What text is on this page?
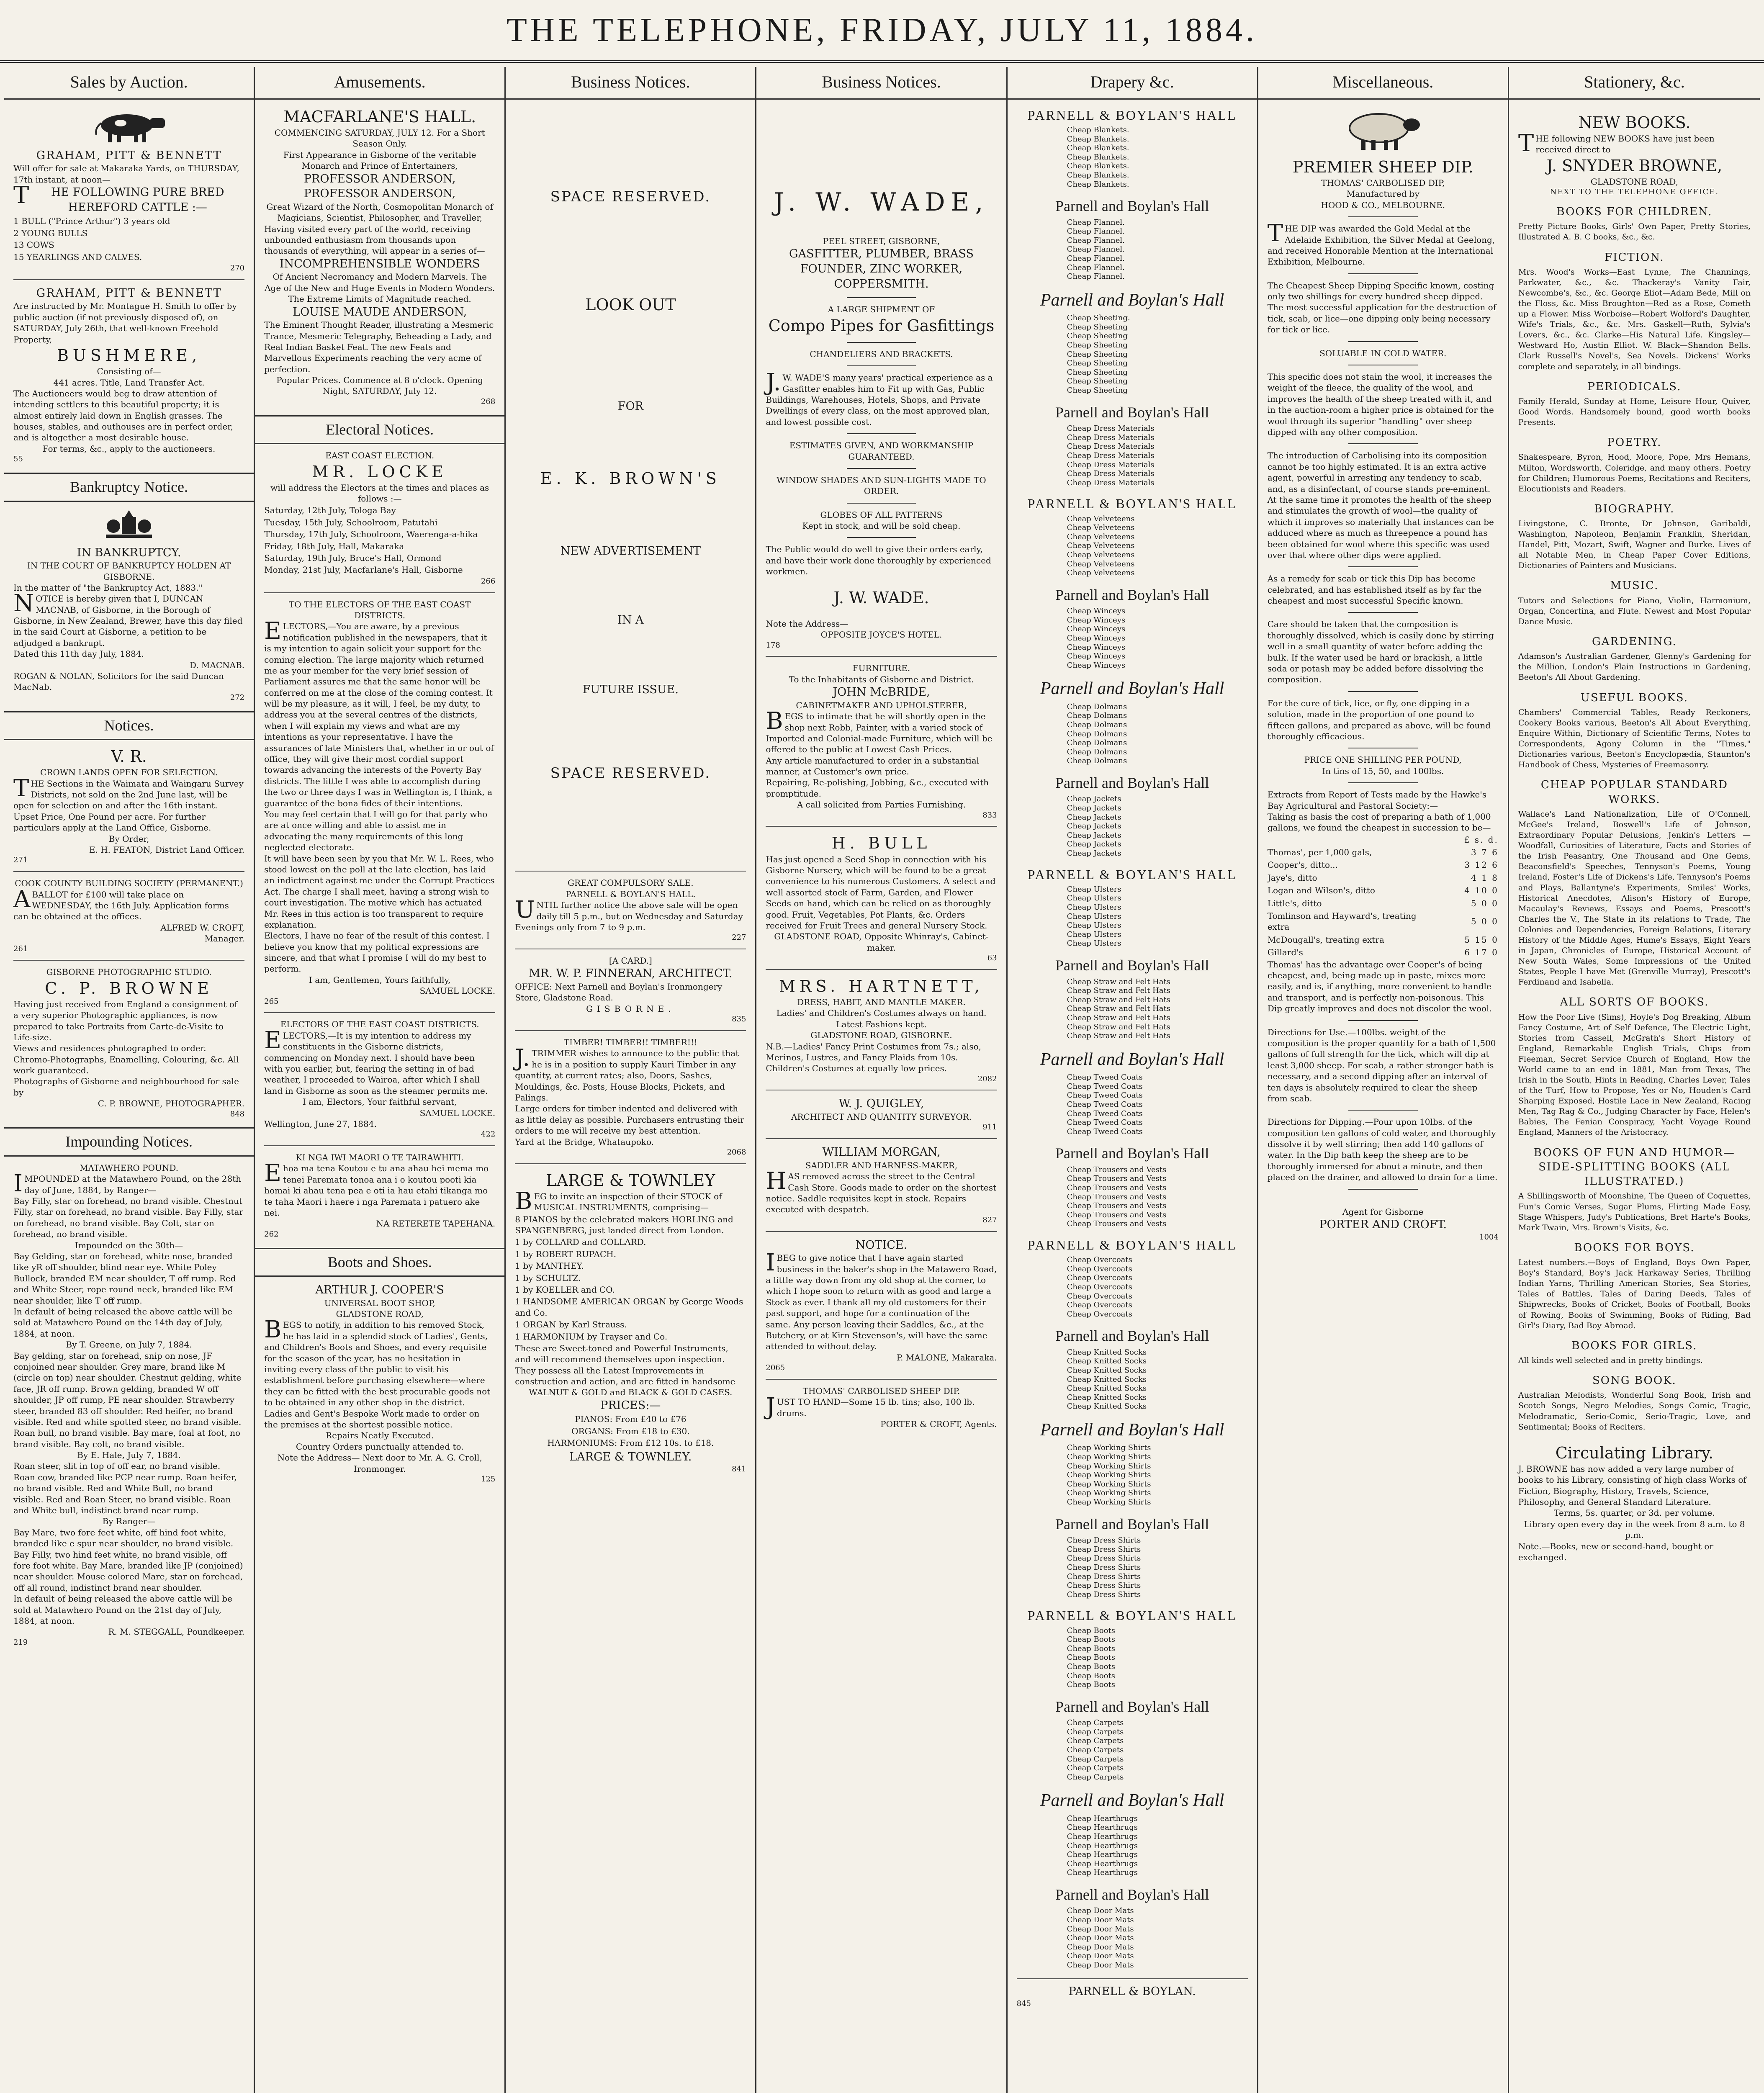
THE TELEPHONE, FRIDAY, JULY 11, 1884.
Sales by Auction.
GRAHAM, PITT & BENNETT
Will offer for sale at Makaraka Yards, on THURSDAY, 17th instant, at noon—
THE FOLLOWING PURE BRED HEREFORD CATTLE :—
1 BULL ("Prince Arthur") 3 years old
2 YOUNG BULLS
13 COWS
15 YEARLINGS AND CALVES.
270
GRAHAM, PITT & BENNETT
Are instructed by Mr. Montague H. Smith to offer by public auction (if not previously disposed of), on SATURDAY, July 26th, that well-known Freehold Property,
BUSHMERE,
Consisting of—
441 acres. Title, Land Transfer Act.
The Auctioneers would beg to draw attention of intending settlers to this beautiful property; it is almost entirely laid down in English grasses. The houses, stables, and outhouses are in perfect order, and is altogether a most desirable house.
For terms, &c., apply to the auctioneers.
55
Bankruptcy Notice.
IN BANKRUPTCY.
IN THE COURT OF BANKRUPTCY HOLDEN AT GISBORNE.
In the matter of "the Bankruptcy Act, 1883."
NOTICE is hereby given that I, DUNCAN MACNAB, of Gisborne, in the Borough of Gisborne, in New Zealand, Brewer, have this day filed in the said Court at Gisborne, a petition to be adjudged a bankrupt.
Dated this 11th day July, 1884.
D. MACNAB.
ROGAN & NOLAN, Solicitors for the said Duncan MacNab.
272
Notices.
V. R.
CROWN LANDS OPEN FOR SELECTION.
THE Sections in the Waimata and Waingaru Survey Districts, not sold on the 2nd June last, will be open for selection on and after the 16th instant. Upset Price, One Pound per acre. For further particulars apply at the Land Office, Gisborne.
By Order,
E. H. FEATON, District Land Officer.
271
COOK COUNTY BUILDING SOCIETY (PERMANENT.)
ABALLOT for £100 will take place on WEDNESDAY, the 16th July. Application forms can be obtained at the offices.
ALFRED W. CROFT,
Manager.
261
GISBORNE PHOTOGRAPHIC STUDIO.
C. P. BROWNE
Having just received from England a consignment of a very superior Photographic appliances, is now prepared to take Portraits from Carte-de-Visite to Life-size.
Views and residences photographed to order. Chromo-Photographs, Enamelling, Colouring, &c. All work guaranteed.
Photographs of Gisborne and neighbourhood for sale by
C. P. BROWNE, PHOTOGRAPHER.
848
Impounding Notices.
MATAWHERO POUND.
IMPOUNDED at the Matawhero Pound, on the 28th day of June, 1884, by Ranger—
Bay Filly, star on forehead, no brand visible. Chestnut Filly, star on forehead, no brand visible. Bay Filly, star on forehead, no brand visible. Bay Colt, star on forehead, no brand visible.
Impounded on the 30th—
Bay Gelding, star on forehead, white nose, branded like yR off shoulder, blind near eye. White Poley Bullock, branded EM near shoulder, T off rump. Red and White Steer, rope round neck, branded like EM near shoulder, like T off rump.
In default of being released the above cattle will be sold at Matawhero Pound on the 14th day of July, 1884, at noon.
By T. Greene, on July 7, 1884.
Bay gelding, star on forehead, snip on nose, JF conjoined near shoulder. Grey mare, brand like M (circle on top) near shoulder. Chestnut gelding, white face, JR off rump. Brown gelding, branded W off shoulder, JP off rump, PE near shoulder. Strawberry steer, branded 83 off shoulder. Red heifer, no brand visible. Red and white spotted steer, no brand visible. Roan bull, no brand visible. Bay mare, foal at foot, no brand visible. Bay colt, no brand visible.
By E. Hale, July 7, 1884.
Roan steer, slit in top of off ear, no brand visible. Roan cow, branded like PCP near rump. Roan heifer, no brand visible. Red and White Bull, no brand visible. Red and Roan Steer, no brand visible. Roan and White bull, indistinct brand near rump.
By Ranger—
Bay Mare, two fore feet white, off hind foot white, branded like e spur near shoulder, no brand visible. Bay Filly, two hind feet white, no brand visible, off fore foot white. Bay Mare, branded like JP (conjoined) near shoulder. Mouse colored Mare, star on forehead, off all round, indistinct brand near shoulder.
In default of being released the above cattle will be sold at Matawhero Pound on the 21st day of July, 1884, at noon.
R. M. STEGGALL, Poundkeeper.
219
Amusements.
MACFARLANE'S HALL.
COMMENCING SATURDAY, JULY 12. For a Short Season Only.
First Appearance in Gisborne of the veritable Monarch and Prince of Entertainers,
PROFESSOR ANDERSON,
PROFESSOR ANDERSON,
Great Wizard of the North, Cosmopolitan Monarch of Magicians, Scientist, Philosopher, and Traveller,
Having visited every part of the world, receiving unbounded enthusiasm from thousands upon thousands of everything, will appear in a series of—
INCOMPREHENSIBLE WONDERS
Of Ancient Necromancy and Modern Marvels. The Age of the New and Huge Events in Modern Wonders. The Extreme Limits of Magnitude reached.
LOUISE MAUDE ANDERSON,
The Eminent Thought Reader, illustrating a Mesmeric Trance, Mesmeric Telegraphy, Beheading a Lady, and Real Indian Basket Feat. The new Feats and Marvellous Experiments reaching the very acme of perfection.
Popular Prices. Commence at 8 o'clock. Opening Night, SATURDAY, July 12.
268
Electoral Notices.
EAST COAST ELECTION.
MR. LOCKE
will address the Electors at the times and places as follows :—
Saturday, 12th July, Tologa Bay
Tuesday, 15th July, Schoolroom, Patutahi
Thursday, 17th July, Schoolroom, Waerenga-a-hika
Friday, 18th July, Hall, Makaraka
Saturday, 19th July, Bruce's Hall, Ormond
Monday, 21st July, Macfarlane's Hall, Gisborne
266
TO THE ELECTORS OF THE EAST COAST DISTRICTS.
ELECTORS,—You are aware, by a previous notification published in the newspapers, that it is my intention to again solicit your support for the coming election. The large majority which returned me as your member for the very brief session of Parliament assures me that the same honor will be conferred on me at the close of the coming contest. It will be my pleasure, as it will, I feel, be my duty, to address you at the several centres of the districts, when I will explain my views and what are my intentions as your representative. I have the assurances of late Ministers that, whether in or out of office, they will give their most cordial support towards advancing the interests of the Poverty Bay districts. The little I was able to accomplish during the two or three days I was in Wellington is, I think, a guarantee of the bona fides of their intentions.
You may feel certain that I will go for that party who are at once willing and able to assist me in advocating the many requirements of this long neglected electorate.
It will have been seen by you that Mr. W. L. Rees, who stood lowest on the poll at the late election, has laid an indictment against me under the Corrupt Practices Act. The charge I shall meet, having a strong wish to court investigation. The motive which has actuated Mr. Rees in this action is too transparent to require explanation.
Electors, I have no fear of the result of this contest. I believe you know that my political expressions are sincere, and that what I promise I will do my best to perform.
I am, Gentlemen, Yours faithfully,
SAMUEL LOCKE.
265
ELECTORS OF THE EAST COAST DISTRICTS.
ELECTORS,—It is my intention to address my constituents in the Gisborne districts, commencing on Monday next. I should have been with you earlier, but, fearing the setting in of bad weather, I proceeded to Wairoa, after which I shall land in Gisborne as soon as the steamer permits me.
I am, Electors, Your faithful servant,
SAMUEL LOCKE.
Wellington, June 27, 1884.
422
KI NGA IWI MAORI O TE TAIRAWHITI.
Ehoa ma tena Koutou e tu ana ahau hei mema mo tenei Paremata tonoa ana i o koutou pooti kia homai ki ahau tena pea e oti ia hau etahi tikanga mo te taha Maori i haere i nga Paremata i patuero ake nei.
NA RETERETE TAPEHANA.
262
Boots and Shoes.
ARTHUR J. COOPER'S
UNIVERSAL BOOT SHOP,
GLADSTONE ROAD,
BEGS to notify, in addition to his removed Stock, he has laid in a splendid stock of Ladies', Gents, and Children's Boots and Shoes, and every requisite for the season of the year, has no hesitation in inviting every class of the public to visit his establishment before purchasing elsewhere—where they can be fitted with the best procurable goods not to be obtained in any other shop in the district.
Ladies and Gent's Bespoke Work made to order on the premises at the shortest possible notice.
Repairs Neatly Executed.
Country Orders punctually attended to.
Note the Address— Next door to Mr. A. G. Croll, Ironmonger.
125
Business Notices.
SPACE RESERVED.
LOOK OUT
FOR
E. K. BROWN'S
NEW ADVERTISEMENT
IN A
FUTURE ISSUE.
SPACE RESERVED.
GREAT COMPULSORY SALE.
PARNELL & BOYLAN'S HALL.
UNTIL further notice the above sale will be open daily till 5 p.m., but on Wednesday and Saturday Evenings only from 7 to 9 p.m.
227
[A CARD.]
MR. W. P. FINNERAN, ARCHITECT.
OFFICE: Next Parnell and Boylan's Ironmongery Store, Gladstone Road.
GISBORNE.
835
TIMBER! TIMBER!! TIMBER!!!
J.TRIMMER wishes to announce to the public that he is in a position to supply Kauri Timber in any quantity, at current rates; also, Doors, Sashes, Mouldings, &c. Posts, House Blocks, Pickets, and Palings.
Large orders for timber indented and delivered with as little delay as possible. Purchasers entrusting their orders to me will receive my best attention.
Yard at the Bridge, Whataupoko.
2068
LARGE & TOWNLEY
BEG to invite an inspection of their STOCK of MUSICAL INSTRUMENTS, comprising—
8 PIANOS by the celebrated makers HORLING and SPANGENBERG, just landed direct from London.
1 by COLLARD and COLLARD.
1 by ROBERT RUPACH.
1 by MANTHEY.
1 by SCHULTZ.
1 by KOELLER and CO.
1 HANDSOME AMERICAN ORGAN by George Woods and Co.
1 ORGAN by Karl Strauss.
1 HARMONIUM by Trayser and Co.
These are Sweet-toned and Powerful Instruments, and will recommend themselves upon inspection. They possess all the Latest Improvements in construction and action, and are fitted in handsome
WALNUT & GOLD and BLACK & GOLD CASES.
PRICES:—
PIANOS: From £40 to £76
ORGANS: From £18 to £30.
HARMONIUMS: From £12 10s. to £18.
LARGE & TOWNLEY.
841
Business Notices.
J. W. WADE,
PEEL STREET, GISBORNE,
GASFITTER, PLUMBER, BRASS
FOUNDER, ZINC WORKER,
COPPERSMITH.
A LARGE SHIPMENT OF
Compo Pipes for Gasfittings
CHANDELIERS AND BRACKETS.
J.W. WADE'S many years' practical experience as a Gasfitter enables him to Fit up with Gas, Public Buildings, Warehouses, Hotels, Shops, and Private Dwellings of every class, on the most approved plan, and lowest possible cost.
ESTIMATES GIVEN, AND WORKMANSHIP GUARANTEED.
WINDOW SHADES AND SUN-LIGHTS MADE TO ORDER.
GLOBES OF ALL PATTERNS
Kept in stock, and will be sold cheap.
The Public would do well to give their orders early, and have their work done thoroughly by experienced workmen.
J. W. WADE.
Note the Address—
OPPOSITE JOYCE'S HOTEL.
178
FURNITURE.
To the Inhabitants of Gisborne and District.
JOHN McBRIDE,
CABINETMAKER AND UPHOLSTERER,
BEGS to intimate that he will shortly open in the shop next Robb, Painter, with a varied stock of Imported and Colonial-made Furniture, which will be offered to the public at Lowest Cash Prices.
Any article manufactured to order in a substantial manner, at Customer's own price.
Repairing, Re-polishing, Jobbing, &c., executed with promptitude.
A call solicited from Parties Furnishing.
833
H. BULL
Has just opened a Seed Shop in connection with his Gisborne Nursery, which will be found to be a great convenience to his numerous Customers. A select and well assorted stock of Farm, Garden, and Flower Seeds on hand, which can be relied on as thoroughly good. Fruit, Vegetables, Pot Plants, &c. Orders received for Fruit Trees and general Nursery Stock.
GLADSTONE ROAD, Opposite Whinray's, Cabinet-maker.
63
MRS. HARTNETT,
DRESS, HABIT, AND MANTLE MAKER.
Ladies' and Children's Costumes always on hand. Latest Fashions kept.
GLADSTONE ROAD, GISBORNE.
N.B.—Ladies' Fancy Print Costumes from 7s.; also, Merinos, Lustres, and Fancy Plaids from 10s. Children's Costumes at equally low prices.
2082
W. J. QUIGLEY,
ARCHITECT AND QUANTITY SURVEYOR.
911
WILLIAM MORGAN,
SADDLER AND HARNESS-MAKER,
HAS removed across the street to the Central Cash Store. Goods made to order on the shortest notice. Saddle requisites kept in stock. Repairs executed with despatch.
827
NOTICE.
IBEG to give notice that I have again started business in the baker's shop in the Matawero Road, a little way down from my old shop at the corner, to which I hope soon to return with as good and large a Stock as ever. I thank all my old customers for their past support, and hope for a continuation of the same. Any person leaving their Saddles, &c., at the Butchery, or at Kirn Stevenson's, will have the same attended to without delay.
P. MALONE, Makaraka.
2065
THOMAS' CARBOLISED SHEEP DIP.
JUST TO HAND—Some 15 lb. tins; also, 100 lb. drums.
PORTER & CROFT, Agents.
Drapery &c.
PARNELL & BOYLAN'S HALL
Cheap Blankets.
Cheap Blankets.
Cheap Blankets.
Cheap Blankets.
Cheap Blankets.
Cheap Blankets.
Cheap Blankets.
Parnell and Boylan's Hall
Cheap Flannel.
Cheap Flannel.
Cheap Flannel.
Cheap Flannel.
Cheap Flannel.
Cheap Flannel.
Cheap Flannel.
Parnell and Boylan's Hall
Cheap Sheeting.
Cheap Sheeting
Cheap Sheeting
Cheap Sheeting
Cheap Sheeting
Cheap Sheeting
Cheap Sheeting
Cheap Sheeting
Cheap Sheeting
Parnell and Boylan's Hall
Cheap Dress Materials
Cheap Dress Materials
Cheap Dress Materials
Cheap Dress Materials
Cheap Dress Materials
Cheap Dress Materials
Cheap Dress Materials
PARNELL & BOYLAN'S HALL
Cheap Velveteens
Cheap Velveteens
Cheap Velveteens
Cheap Velveteens
Cheap Velveteens
Cheap Velveteens
Cheap Velveteens
Parnell and Boylan's Hall
Cheap Winceys
Cheap Winceys
Cheap Winceys
Cheap Winceys
Cheap Winceys
Cheap Winceys
Cheap Winceys
Parnell and Boylan's Hall
Cheap Dolmans
Cheap Dolmans
Cheap Dolmans
Cheap Dolmans
Cheap Dolmans
Cheap Dolmans
Cheap Dolmans
Parnell and Boylan's Hall
Cheap Jackets
Cheap Jackets
Cheap Jackets
Cheap Jackets
Cheap Jackets
Cheap Jackets
Cheap Jackets
PARNELL & BOYLAN'S HALL
Cheap Ulsters
Cheap Ulsters
Cheap Ulsters
Cheap Ulsters
Cheap Ulsters
Cheap Ulsters
Cheap Ulsters
Parnell and Boylan's Hall
Cheap Straw and Felt Hats
Cheap Straw and Felt Hats
Cheap Straw and Felt Hats
Cheap Straw and Felt Hats
Cheap Straw and Felt Hats
Cheap Straw and Felt Hats
Cheap Straw and Felt Hats
Parnell and Boylan's Hall
Cheap Tweed Coats
Cheap Tweed Coats
Cheap Tweed Coats
Cheap Tweed Coats
Cheap Tweed Coats
Cheap Tweed Coats
Cheap Tweed Coats
Parnell and Boylan's Hall
Cheap Trousers and Vests
Cheap Trousers and Vests
Cheap Trousers and Vests
Cheap Trousers and Vests
Cheap Trousers and Vests
Cheap Trousers and Vests
Cheap Trousers and Vests
PARNELL & BOYLAN'S HALL
Cheap Overcoats
Cheap Overcoats
Cheap Overcoats
Cheap Overcoats
Cheap Overcoats
Cheap Overcoats
Cheap Overcoats
Parnell and Boylan's Hall
Cheap Knitted Socks
Cheap Knitted Socks
Cheap Knitted Socks
Cheap Knitted Socks
Cheap Knitted Socks
Cheap Knitted Socks
Cheap Knitted Socks
Parnell and Boylan's Hall
Cheap Working Shirts
Cheap Working Shirts
Cheap Working Shirts
Cheap Working Shirts
Cheap Working Shirts
Cheap Working Shirts
Cheap Working Shirts
Parnell and Boylan's Hall
Cheap Dress Shirts
Cheap Dress Shirts
Cheap Dress Shirts
Cheap Dress Shirts
Cheap Dress Shirts
Cheap Dress Shirts
Cheap Dress Shirts
PARNELL & BOYLAN'S HALL
Cheap Boots
Cheap Boots
Cheap Boots
Cheap Boots
Cheap Boots
Cheap Boots
Cheap Boots
Parnell and Boylan's Hall
Cheap Carpets
Cheap Carpets
Cheap Carpets
Cheap Carpets
Cheap Carpets
Cheap Carpets
Cheap Carpets
Parnell and Boylan's Hall
Cheap Hearthrugs
Cheap Hearthrugs
Cheap Hearthrugs
Cheap Hearthrugs
Cheap Hearthrugs
Cheap Hearthrugs
Cheap Hearthrugs
Parnell and Boylan's Hall
Cheap Door Mats
Cheap Door Mats
Cheap Door Mats
Cheap Door Mats
Cheap Door Mats
Cheap Door Mats
Cheap Door Mats
PARNELL & BOYLAN.
845
Miscellaneous.
PREMIER SHEEP DIP.
THOMAS' CARBOLISED DIP,
Manufactured by
HOOD & CO., MELBOURNE.
THE DIP was awarded the Gold Medal at the Adelaide Exhibition, the Silver Medal at Geelong, and received Honorable Mention at the International Exhibition, Melbourne.
The Cheapest Sheep Dipping Specific known, costing only two shillings for every hundred sheep dipped. The most successful application for the destruction of tick, scab, or lice—one dipping only being necessary for tick or lice.
SOLUABLE IN COLD WATER.
This specific does not stain the wool, it increases the weight of the fleece, the quality of the wool, and improves the health of the sheep treated with it, and in the auction-room a higher price is obtained for the wool through its superior "handling" over sheep dipped with any other composition.
The introduction of Carbolising into its composition cannot be too highly estimated. It is an extra active agent, powerful in arresting any tendency to scab, and, as a disinfectant, of course stands pre-eminent. At the same time it promotes the health of the sheep and stimulates the growth of wool—the quality of which it improves so materially that instances can be adduced where as much as threepence a pound has been obtained for wool where this specific was used over that where other dips were applied.
As a remedy for scab or tick this Dip has become celebrated, and has established itself as by far the cheapest and most successful Specific known.
Care should be taken that the composition is thoroughly dissolved, which is easily done by stirring well in a small quantity of water before adding the bulk. If the water used be hard or brackish, a little soda or potash may be added before dissolving the composition.
For the cure of tick, lice, or fly, one dipping in a solution, made in the proportion of one pound to fifteen gallons, and prepared as above, will be found thoroughly efficacious.
PRICE ONE SHILLING PER POUND,
In tins of 15, 50, and 100lbs.
Extracts from Report of Tests made by the Hawke's Bay Agricultural and Pastoral Society:—
Taking as basis the cost of preparing a bath of 1,000 gallons, we found the cheapest in succession to be—
	£ s. d.
Thomas', per 1,000 gals,	3 7 6
Cooper's, ditto...	3 12 6
Jaye's, ditto	4 1 8
Logan and Wilson's, ditto	4 10 0
Little's, ditto	5 0 0
Tomlinson and Hayward's, treating extra	5 0 0
McDougall's, treating extra	5 15 0
Gillard's	6 17 0
Thomas' has the advantage over Cooper's of being cheapest, and, being made up in paste, mixes more easily, and is, if anything, more convenient to handle and transport, and is perfectly non-poisonous. This Dip greatly improves and does not discolor the wool.
Directions for Use.—100lbs. weight of the composition is the proper quantity for a bath of 1,500 gallons of full strength for the tick, which will dip at least 3,000 sheep. For scab, a rather stronger bath is necessary, and a second dipping after an interval of ten days is absolutely required to clear the sheep from scab.
Directions for Dipping.—Pour upon 10lbs. of the composition ten gallons of cold water, and thoroughly dissolve it by well stirring; then add 140 gallons of water. In the Dip bath keep the sheep are to be thoroughly immersed for about a minute, and then placed on the drainer, and allowed to drain for a time.
Agent for Gisborne
PORTER AND CROFT.
1004
Stationery, &c.
NEW BOOKS.
THE following NEW BOOKS have just been received direct to
J. SNYDER BROWNE,
GLADSTONE ROAD,
NEXT TO THE TELEPHONE OFFICE.
BOOKS FOR CHILDREN.
Pretty Picture Books, Girls' Own Paper, Pretty Stories, Illustrated A. B. C books, &c., &c.
FICTION.
Mrs. Wood's Works—East Lynne, The Channings, Parkwater, &c., &c. Thackeray's Vanity Fair, Newcombe's, &c., &c. George Eliot—Adam Bede, Mill on the Floss, &c. Miss Broughton—Red as a Rose, Cometh up a Flower. Miss Worboise—Robert Wolford's Daughter, Wife's Trials, &c., &c. Mrs. Gaskell—Ruth, Sylvia's Lovers, &c., &c. Clarke—His Natural Life. Kingsley—Westward Ho, Austin Elliot. W. Black—Shandon Bells. Clark Russell's Novel's, Sea Novels. Dickens' Works complete and separately, in all bindings.
PERIODICALS.
Family Herald, Sunday at Home, Leisure Hour, Quiver, Good Words. Handsomely bound, good worth books Presents.
POETRY.
Shakespeare, Byron, Hood, Moore, Pope, Mrs Hemans, Milton, Wordsworth, Coleridge, and many others. Poetry for Children; Humorous Poems, Recitations and Reciters, Elocutionists and Readers.
BIOGRAPHY.
Livingstone, C. Bronte, Dr Johnson, Garibaldi, Washington, Napoleon, Benjamin Franklin, Sheridan, Handel, Pitt, Mozart, Swift, Wagner and Burke. Lives of all Notable Men, in Cheap Paper Cover Editions, Dictionaries of Painters and Musicians.
MUSIC.
Tutors and Selections for Piano, Violin, Harmonium, Organ, Concertina, and Flute. Newest and Most Popular Dance Music.
GARDENING.
Adamson's Australian Gardener, Glenny's Gardening for the Million, London's Plain Instructions in Gardening, Beeton's All About Gardening.
USEFUL BOOKS.
Chambers' Commercial Tables, Ready Reckoners, Cookery Books various, Beeton's All About Everything, Enquire Within, Dictionary of Scientific Terms, Notes to Correspondents, Agony Column in the "Times," Dictionaries various, Beeton's Encyclopædia, Staunton's Handbook of Chess, Mysteries of Freemasonry.
CHEAP POPULAR STANDARD WORKS.
Wallace's Land Nationalization, Life of O'Connell, McGee's Ireland, Boswell's Life of Johnson, Extraordinary Popular Delusions, Jenkin's Letters — Woodfall, Curiosities of Literature, Facts and Stories of the Irish Peasantry, One Thousand and One Gems, Beaconsfield's Speeches, Tennyson's Poems, Young Ireland, Foster's Life of Dickens's Life, Tennyson's Poems and Plays, Ballantyne's Experiments, Smiles' Works, Historical Anecdotes, Alison's History of Europe, Macaulay's Reviews, Essays and Poems, Prescott's Charles the V., The State in its relations to Trade, The Colonies and Dependencies, Foreign Relations, Literary History of the Middle Ages, Hume's Essays, Eight Years in Japan, Chronicles of Europe, Historical Account of New South Wales, Some Impressions of the United States, People I have Met (Grenville Murray), Prescott's Ferdinand and Isabella.
ALL SORTS OF BOOKS.
How the Poor Live (Sims), Hoyle's Dog Breaking, Album Fancy Costume, Art of Self Defence, The Electric Light, Stories from Cassell, McGrath's Short History of England, Remarkable English Trials, Chips from Fleeman, Secret Service Church of England, How the World came to an end in 1881, Man from Texas, The Irish in the South, Hints in Reading, Charles Lever, Tales of the Turf, How to Propose, Yes or No, Houden's Card Sharping Exposed, Hostile Lace in New Zealand, Racing Men, Tag Rag & Co., Judging Character by Face, Helen's Babies, The Fenian Conspiracy, Yacht Voyage Round England, Manners of the Aristocracy.
BOOKS OF FUN AND HUMOR—SIDE-SPLITTING BOOKS (ALL ILLUSTRATED.)
A Shillingsworth of Moonshine, The Queen of Coquettes, Fun's Comic Verses, Sugar Plums, Flirting Made Easy, Stage Whispers, Judy's Publications, Bret Harte's Books, Mark Twain, Mrs. Brown's Visits, &c.
BOOKS FOR BOYS.
Latest numbers.—Boys of England, Boys Own Paper, Boy's Standard, Boy's Jack Harkaway Series, Thrilling Indian Yarns, Thrilling American Stories, Sea Stories, Tales of Battles, Tales of Daring Deeds, Tales of Shipwrecks, Books of Cricket, Books of Football, Books of Rowing, Books of Swimming, Books of Riding, Bad Girl's Diary, Bad Boy Abroad.
BOOKS FOR GIRLS.
All kinds well selected and in pretty bindings.
SONG BOOK.
Australian Melodists, Wonderful Song Book, Irish and Scotch Songs, Negro Melodies, Songs Comic, Tragic, Melodramatic, Serio-Comic, Serio-Tragic, Love, and Sentimental; Books of Reciters.
Circulating Library.
J. BROWNE has now added a very large number of books to his Library, consisting of high class Works of Fiction, Biography, History, Travels, Science, Philosophy, and General Standard Literature.
Terms, 5s. quarter, or 3d. per volume.
Library open every day in the week from 8 a.m. to 8 p.m.
Note.—Books, new or second-hand, bought or exchanged.
